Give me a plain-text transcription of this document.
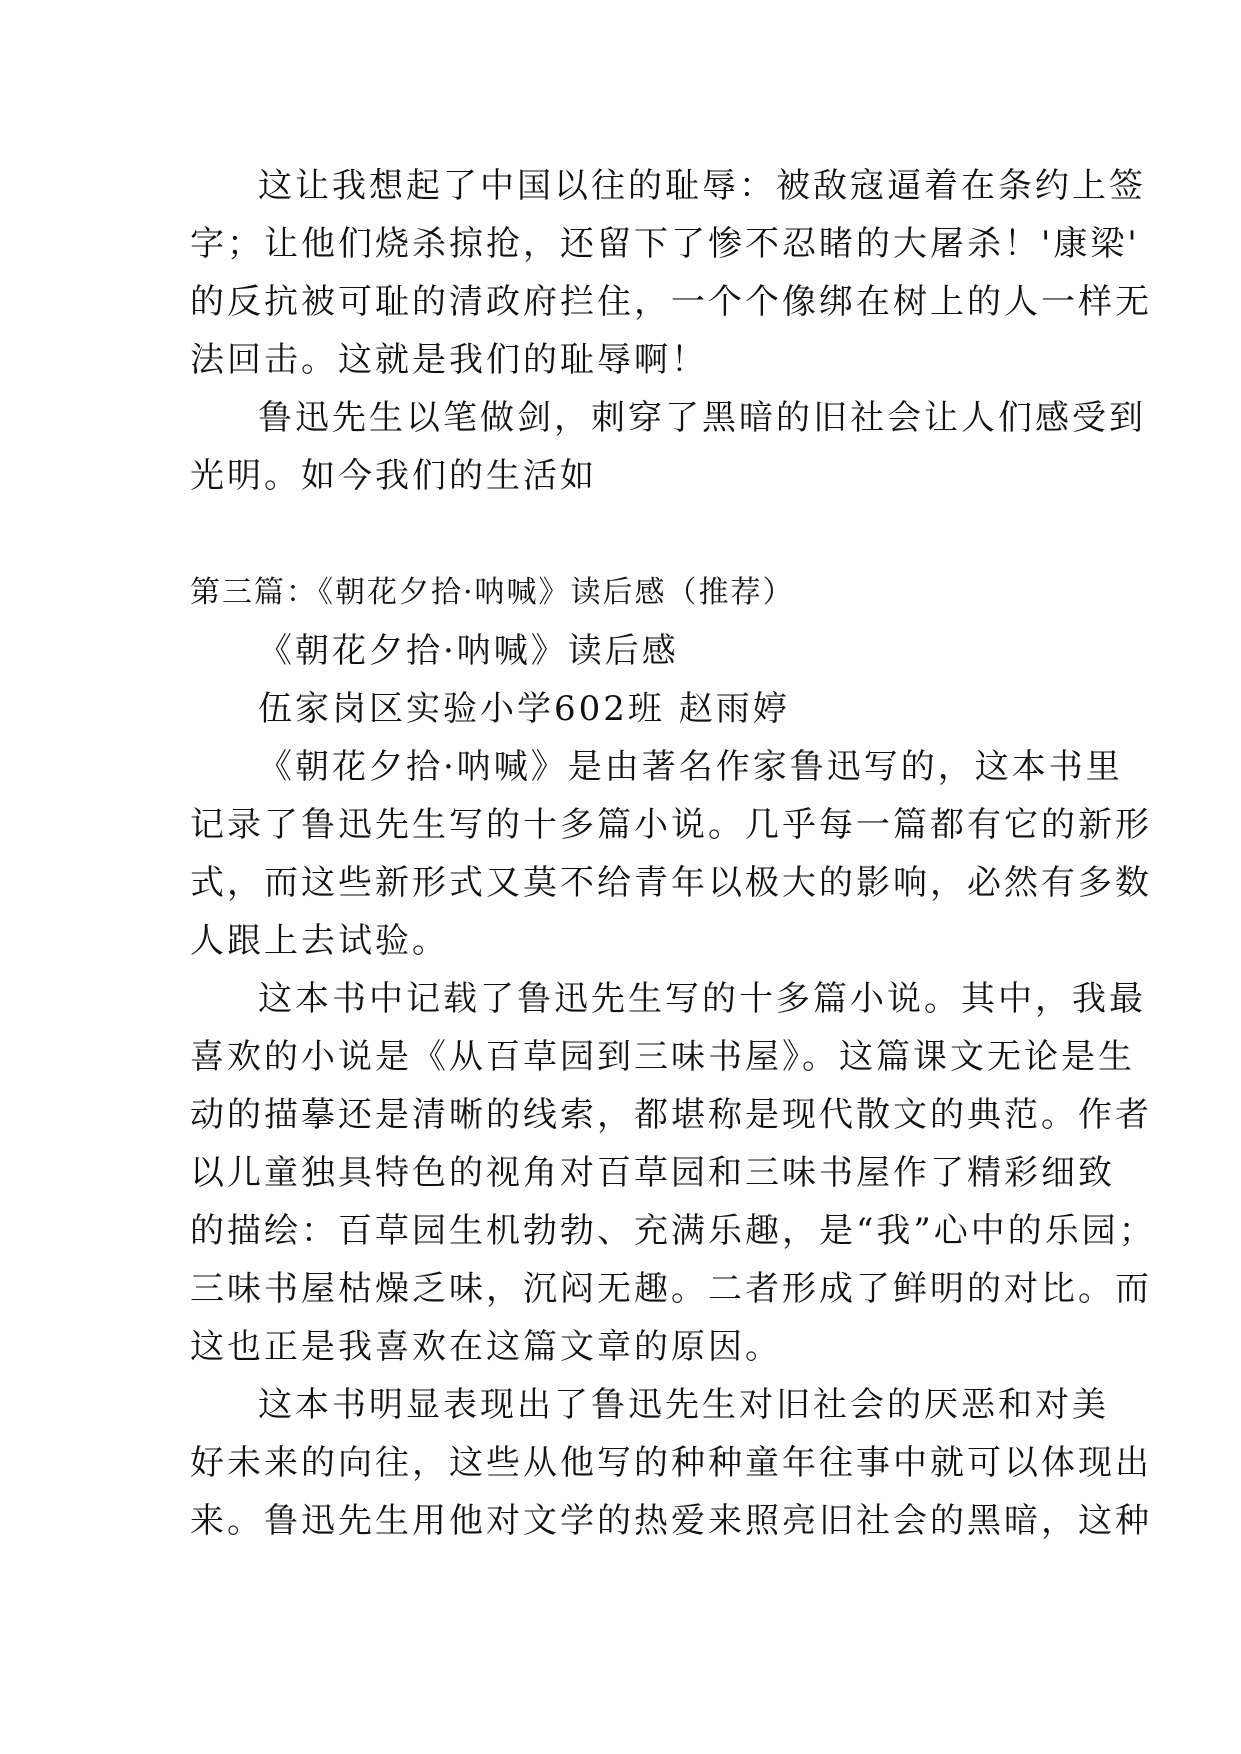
这让我想起了中国以往的耻辱：被敌寇逼着在条约上签
字；让他们烧杀掠抢，还留下了惨不忍睹的大屠杀！'康梁'
的反抗被可耻的清政府拦住，一个个像绑在树上的人一样无
法回击。这就是我们的耻辱啊！
鲁迅先生以笔做剑，刺穿了黑暗的旧社会让人们感受到
光明。如今我们的生活如
第三篇：《朝花夕拾·呐喊》读后感（推荐）
《朝花夕拾·呐喊》读后感
伍家岗区实验小学602班 赵雨婷
《朝花夕拾·呐喊》是由著名作家鲁迅写的，这本书里
记录了鲁迅先生写的十多篇小说。几乎每一篇都有它的新形
式，而这些新形式又莫不给青年以极大的影响，必然有多数
人跟上去试验。
这本书中记载了鲁迅先生写的十多篇小说。其中，我最
喜欢的小说是《从百草园到三味书屋》。这篇课文无论是生
动的描摹还是清晰的线索，都堪称是现代散文的典范。作者
以儿童独具特色的视角对百草园和三味书屋作了精彩细致
的描绘：百草园生机勃勃、充满乐趣，是“我”心中的乐园；
三味书屋枯燥乏味，沉闷无趣。二者形成了鲜明的对比。而
这也正是我喜欢在这篇文章的原因。
这本书明显表现出了鲁迅先生对旧社会的厌恶和对美
好未来的向往，这些从他写的种种童年往事中就可以体现出
来。鲁迅先生用他对文学的热爱来照亮旧社会的黑暗，这种
